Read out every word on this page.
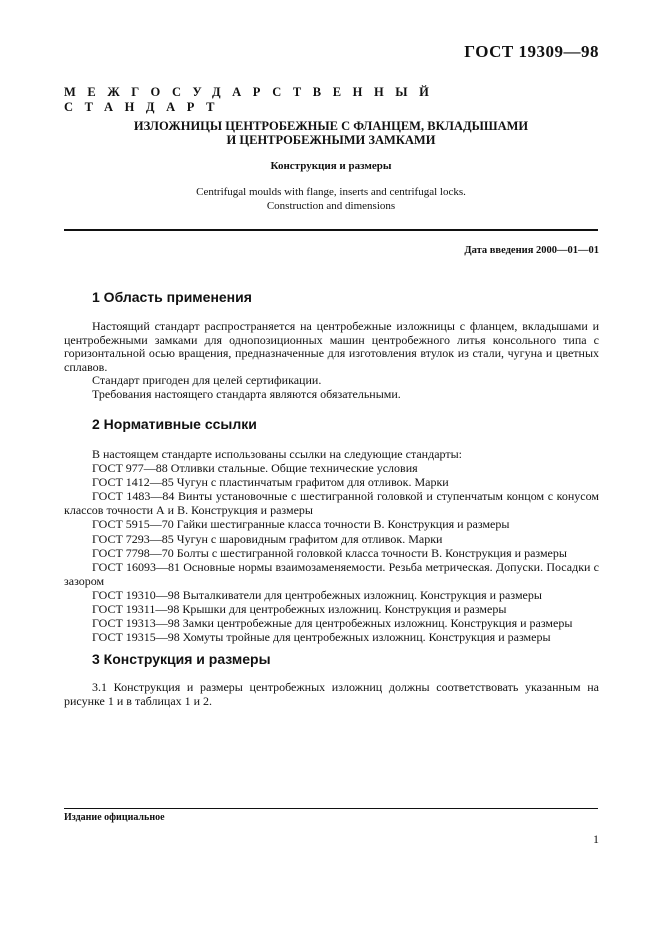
ГОСТ 19309—98
МЕЖГОСУДАРСТВЕННЫЙ СТАНДАРТ
ИЗЛОЖНИЦЫ ЦЕНТРОБЕЖНЫЕ С ФЛАНЦЕМ, ВКЛАДЫШАМИ
И ЦЕНТРОБЕЖНЫМИ ЗАМКАМИ
Конструкция и размеры
Centrifugal moulds with flange, inserts and centrifugal locks.
Construction and dimensions
Дата введения 2000—01—01
1 Область применения

Настоящий стандарт распространяется на центробежные изложницы с фланцем, вкладышами и центробежными замками для однопозиционных машин центробежного литья консольного типа с горизонтальной осью вращения, предназначенные для изготовления втулок из стали, чугуна и цветных сплавов.

Стандарт пригоден для целей сертификации.

Требования настоящего стандарта являются обязательными.

2 Нормативные ссылки
В настоящем стандарте использованы ссылки на следующие стандарты:
ГОСТ 977—88 Отливки стальные. Общие технические условия
ГОСТ 1412—85 Чугун с пластинчатым графитом для отливок. Марки
ГОСТ 1483—84 Винты установочные с шестигранной головкой и ступенчатым концом с конусом классов точности А и В. Конструкция и размеры
ГОСТ 5915—70 Гайки шестигранные класса точности В. Конструкция и размеры
ГОСТ 7293—85 Чугун с шаровидным графитом для отливок. Марки
ГОСТ 7798—70 Болты с шестигранной головкой класса точности В. Конструкция и размеры
ГОСТ 16093—81 Основные нормы взаимозаменяемости. Резьба метрическая. Допуски. Посадки с зазором
ГОСТ 19310—98 Выталкиватели для центробежных изложниц. Конструкция и размеры
ГОСТ 19311—98 Крышки для центробежных изложниц. Конструкция и размеры
ГОСТ 19313—98 Замки центробежные для центробежных изложниц. Конструкция и размеры
ГОСТ 19315—98 Хомуты тройные для центробежных изложниц. Конструкция и размеры
3 Конструкция и размеры

3.1 Конструкция и размеры центробежных изложниц должны соответствовать указанным на рисунке 1 и в таблицах 1 и 2.

Издание официальное
1
